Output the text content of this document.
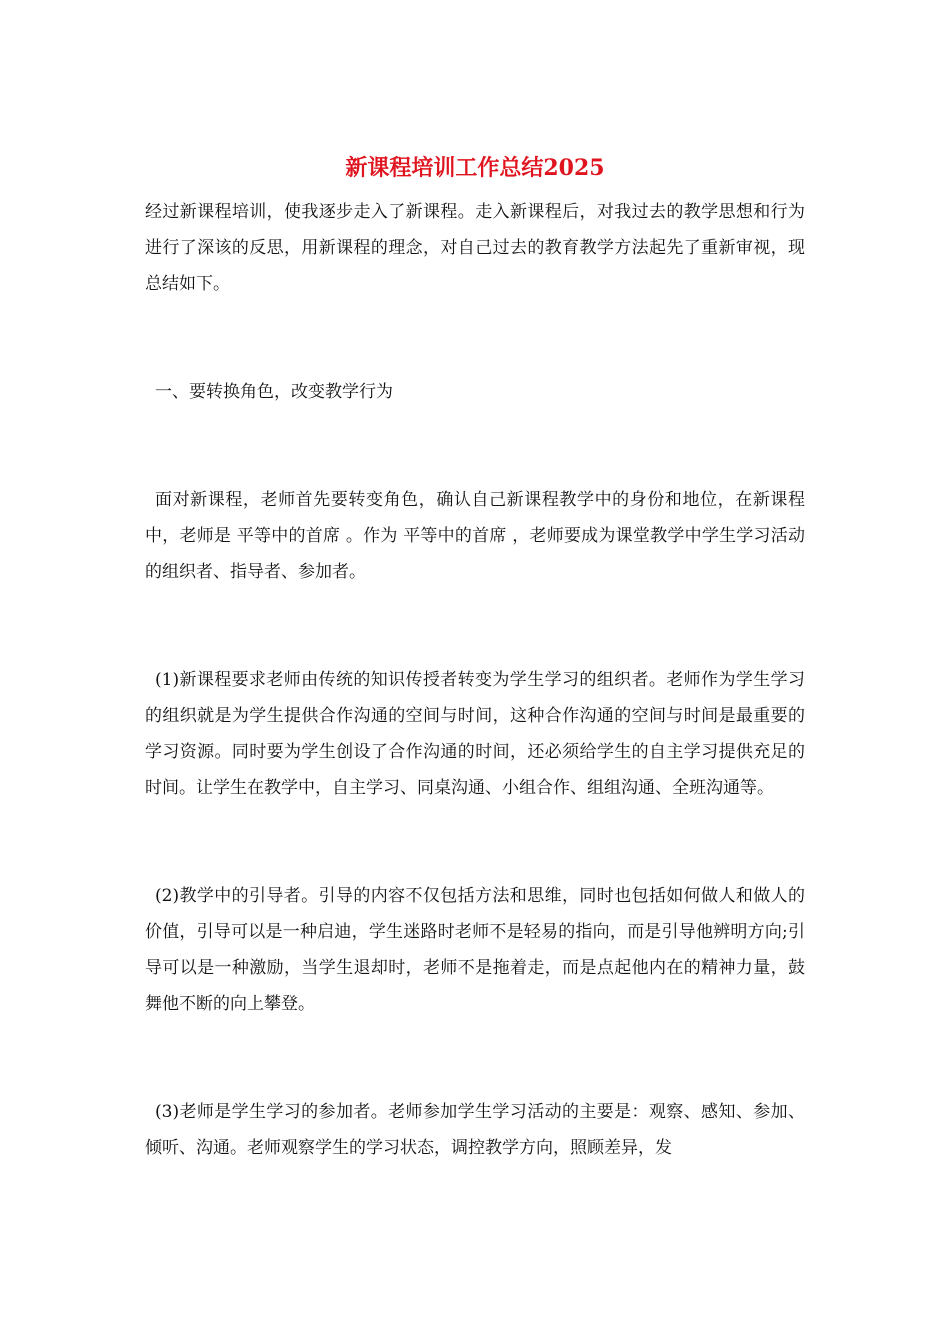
新课程培训工作总结2025

经过新课程培训，使我逐步走入了新课程。走入新课程后，对我过去的教学思想和行为进行了深该的反思，用新课程的理念，对自己过去的教育教学方法起先了重新审视，现总结如下。

一、要转换角色，改变教学行为

面对新课程，老师首先要转变角色，确认自己新课程教学中的身份和地位，在新课程中，老师是 平等中的首席 。作为 平等中的首席 ，老师要成为课堂教学中学生学习活动的组织者、指导者、参加者。

(1)新课程要求老师由传统的知识传授者转变为学生学习的组织者。老师作为学生学习的组织就是为学生提供合作沟通的空间与时间，这种合作沟通的空间与时间是最重要的学习资源。同时要为学生创设了合作沟通的时间，还必须给学生的自主学习提供充足的时间。让学生在教学中，自主学习、同桌沟通、小组合作、组组沟通、全班沟通等。

(2)教学中的引导者。引导的内容不仅包括方法和思维，同时也包括如何做人和做人的价值，引导可以是一种启迪，学生迷路时老师不是轻易的指向，而是引导他辨明方向;引导可以是一种激励，当学生退却时，老师不是拖着走，而是点起他内在的精神力量，鼓舞他不断的向上攀登。

(3)老师是学生学习的参加者。老师参加学生学习活动的主要是：观察、感知、参加、倾听、沟通。老师观察学生的学习状态，调控教学方向，照顾差异，发
